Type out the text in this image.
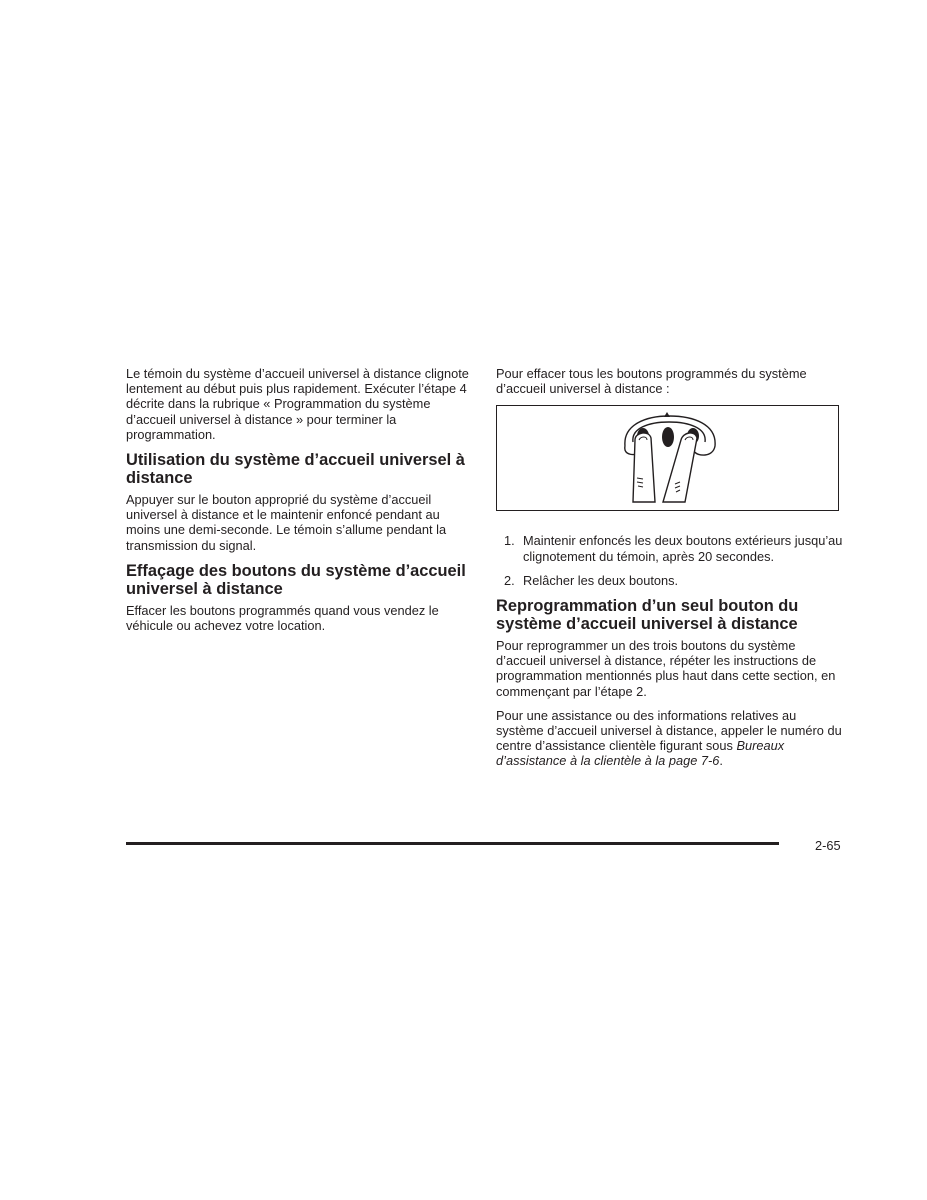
Le témoin du système d’accueil universel à distance clignote lentement au début puis plus rapidement. Exécuter l’étape 4 décrite dans la rubrique « Programmation du système d’accueil universel à distance » pour terminer la programmation.

Utilisation du système d’accueil universel à distance

Appuyer sur le bouton approprié du système d’accueil universel à distance et le maintenir enfoncé pendant au moins une demi-seconde. Le témoin s’allume pendant la transmission du signal.

Effaçage des boutons du système d’accueil universel à distance

Effacer les boutons programmés quand vous vendez le véhicule ou achevez votre location.

Pour effacer tous les boutons programmés du système d’accueil universel à distance :

1. Maintenir enfoncés les deux boutons extérieurs jusqu’au clignotement du témoin, après 20 secondes.
2. Relâcher les deux boutons.
Reprogrammation d’un seul bouton du système d’accueil universel à distance

Pour reprogrammer un des trois boutons du système d’accueil universel à distance, répéter les instructions de programmation mentionnés plus haut dans cette section, en commençant par l’étape 2.

Pour une assistance ou des informations relatives au système d’accueil universel à distance, appeler le numéro du centre d’assistance clientèle figurant sous Bureaux d’assistance à la clientèle à la page 7-6.

2-65
